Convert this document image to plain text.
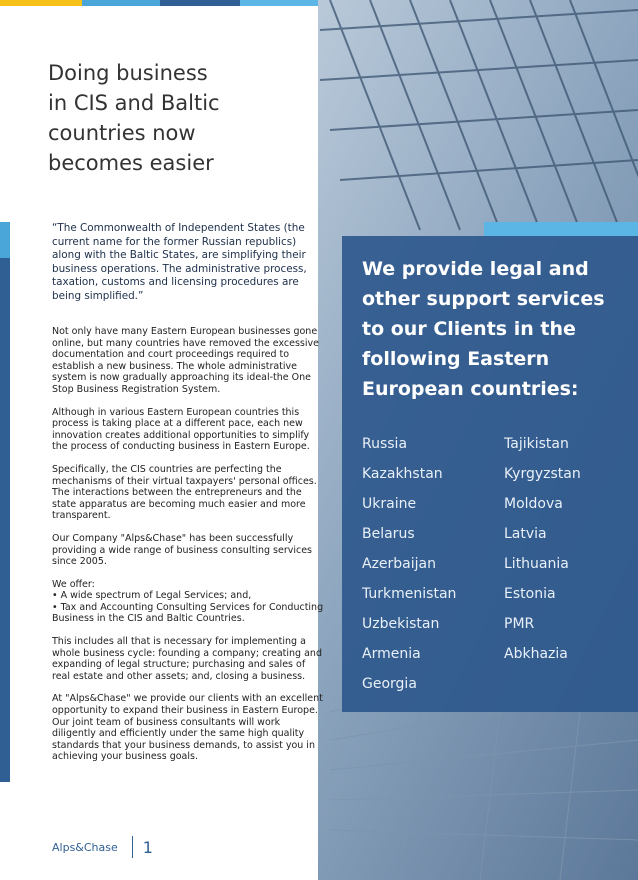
Doing business
in CIS and Baltic
countries now
becomes easier
“The Commonwealth of Independent States (the current name for the former Russian republics) along with the Baltic States, are simplifying their business operations. The administrative process, taxation, customs and licensing procedures are being simplified.”

Not only have many Eastern European businesses gone online, but many countries have removed the excessive documentation and court proceedings required to establish a new business. The whole administrative system is now gradually approaching its ideal-the One Stop Business Registration System.

Although in various Eastern European countries this process is taking place at a different pace, each new innovation creates additional opportunities to simplify the process of conducting business in Eastern Europe.

Specifically, the CIS countries are perfecting the mechanisms of their virtual taxpayers' personal offices. The interactions between the entrepreneurs and the state apparatus are becoming much easier and more transparent.

Our Company "Alps&Chase" has been successfully providing a wide range of business consulting services since 2005.

We offer:
• A wide spectrum of Legal Services; and,
• Tax and Accounting Consulting Services for Conducting Business in the CIS and Baltic Countries.

This includes all that is necessary for implementing a whole business cycle: founding a company; creating and expanding of legal structure; purchasing and sales of real estate and other assets; and, closing a business.

At "Alps&Chase" we provide our clients with an excellent opportunity to expand their business in Eastern Europe. Our joint team of business consultants will work diligently and efficiently under the same high quality standards that your business demands, to assist you in achieving your business goals.

Alps&Chase 1
We provide legal and other support services to our Clients in the following Eastern European countries:
Russia	Tajikistan
Kazakhstan	Kyrgyzstan
Ukraine	Moldova
Belarus	Latvia
Azerbaijan	Lithuania
Turkmenistan	Estonia
Uzbekistan	PMR
Armenia	Abkhazia
Georgia
